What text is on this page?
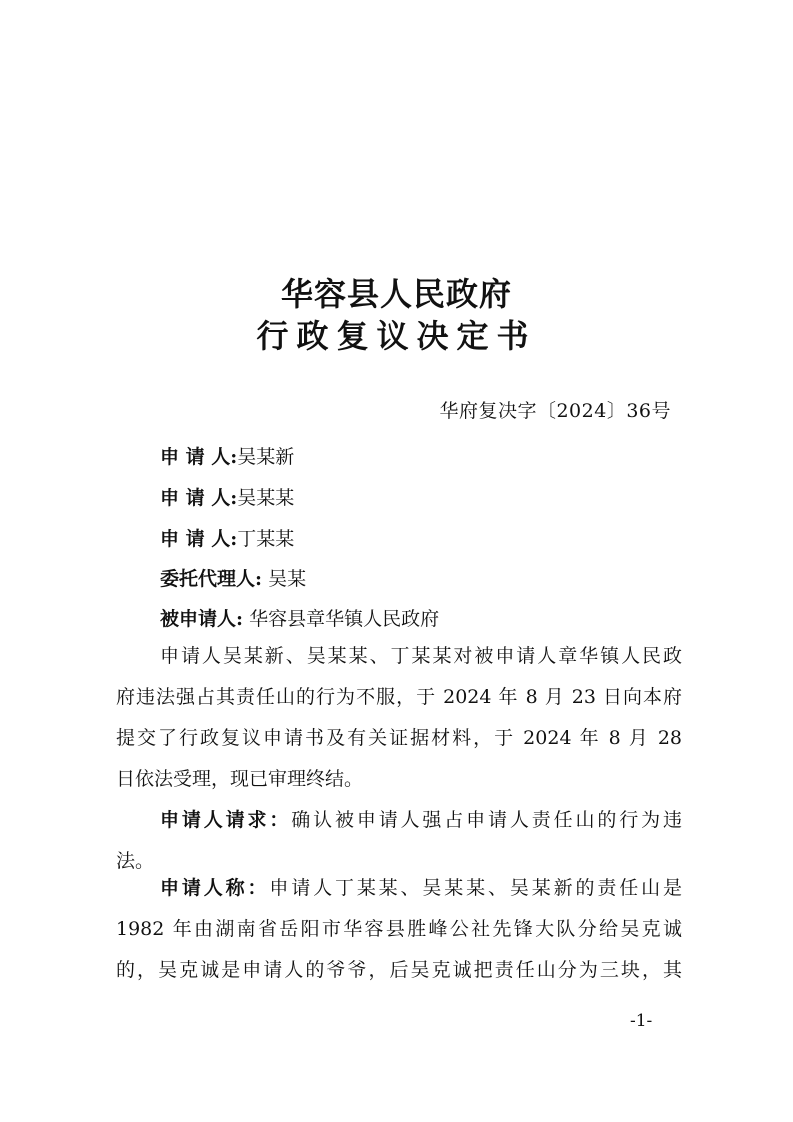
华容县人民政府
行政复议决定书
华府复决字〔2024〕36号
申 请 人:吴某新
申 请 人:吴某某
申 请 人:丁某某
委托代理人: 吴某
被申请人: 华容县章华镇人民政府
申请人吴某新、吴某某、丁某某对被申请人章华镇人民政
府违法强占其责任山的行为不服，于 2024 年 8 月 23 日向本府
提交了行政复议申请书及有关证据材料，于 2024 年 8 月 28
日依法受理，现已审理终结。
申请人请求：确认被申请人强占申请人责任山的行为违
法。
申请人称：申请人丁某某、吴某某、吴某新的责任山是
1982 年由湖南省岳阳市华容县胜峰公社先锋大队分给吴克诚
的，吴克诚是申请人的爷爷，后吴克诚把责任山分为三块，其
-1-
